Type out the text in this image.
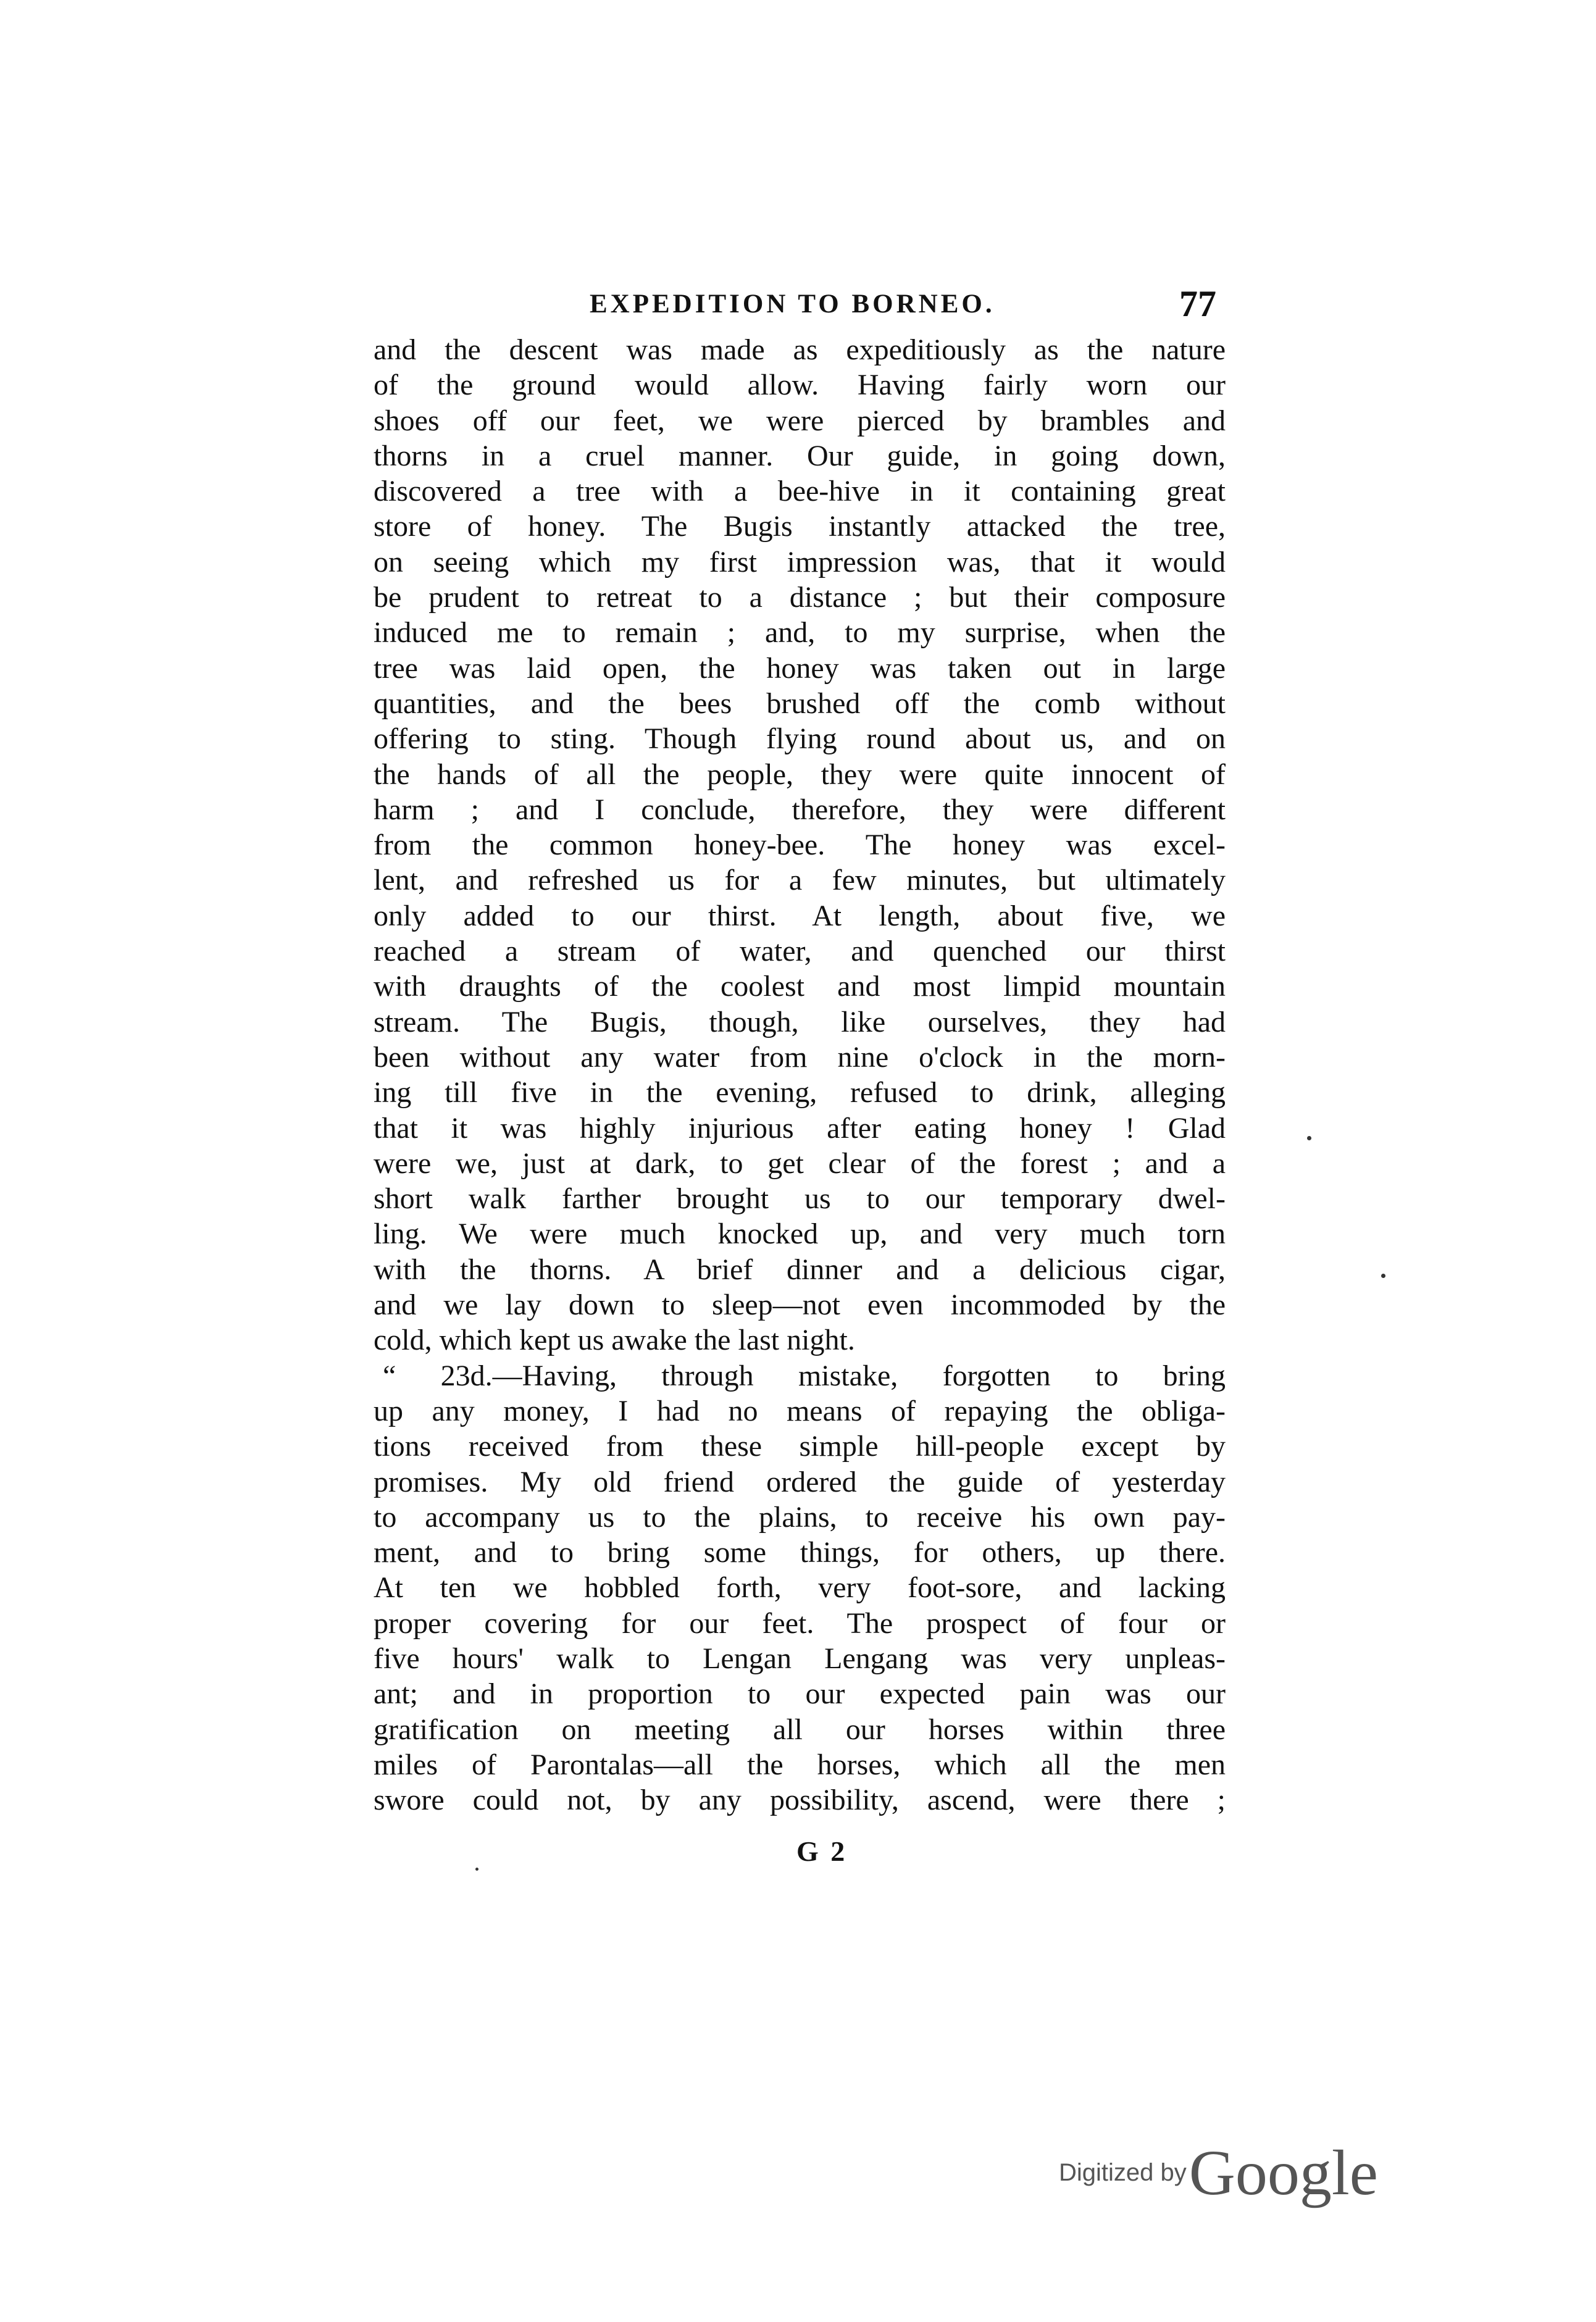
EXPEDITION TO BORNEO.	77
and the descent was made as expeditiously as the nature
of the ground would allow. Having fairly worn our
shoes off our feet, we were pierced by brambles and
thorns in a cruel manner. Our guide, in going down,
discovered a tree with a bee-hive in it containing great
store of honey. The Bugis instantly attacked the tree,
on seeing which my first impression was, that it would
be prudent to retreat to a distance ; but their composure
induced me to remain ; and, to my surprise, when the
tree was laid open, the honey was taken out in large
quantities, and the bees brushed off the comb without
offering to sting. Though flying round about us, and on
the hands of all the people, they were quite innocent of
harm ; and I conclude, therefore, they were different
from the common honey-bee. The honey was excel-
lent, and refreshed us for a few minutes, but ultimately
only added to our thirst. At length, about five, we
reached a stream of water, and quenched our thirst
with draughts of the coolest and most limpid mountain
stream. The Bugis, though, like ourselves, they had
been without any water from nine o'clock in the morn-
ing till five in the evening, refused to drink, alleging
that it was highly injurious after eating honey ! Glad
were we, just at dark, to get clear of the forest ; and a
short walk farther brought us to our temporary dwel-
ling. We were much knocked up, and very much torn
with the thorns. A brief dinner and a delicious cigar,
and we lay down to sleep—not even incommoded by the
cold, which kept us awake the last night.
“ 23d.—Having, through mistake, forgotten to bring
up any money, I had no means of repaying the obliga-
tions received from these simple hill-people except by
promises. My old friend ordered the guide of yesterday
to accompany us to the plains, to receive his own pay-
ment, and to bring some things, for others, up there.
At ten we hobbled forth, very foot-sore, and lacking
proper covering for our feet. The prospect of four or
five hours' walk to Lengan Lengang was very unpleas-
ant; and in proportion to our expected pain was our
gratification on meeting all our horses within three
miles of Parontalas—all the horses, which all the men
swore could not, by any possibility, ascend, were there ;
G 2
Digitized byGoogle
